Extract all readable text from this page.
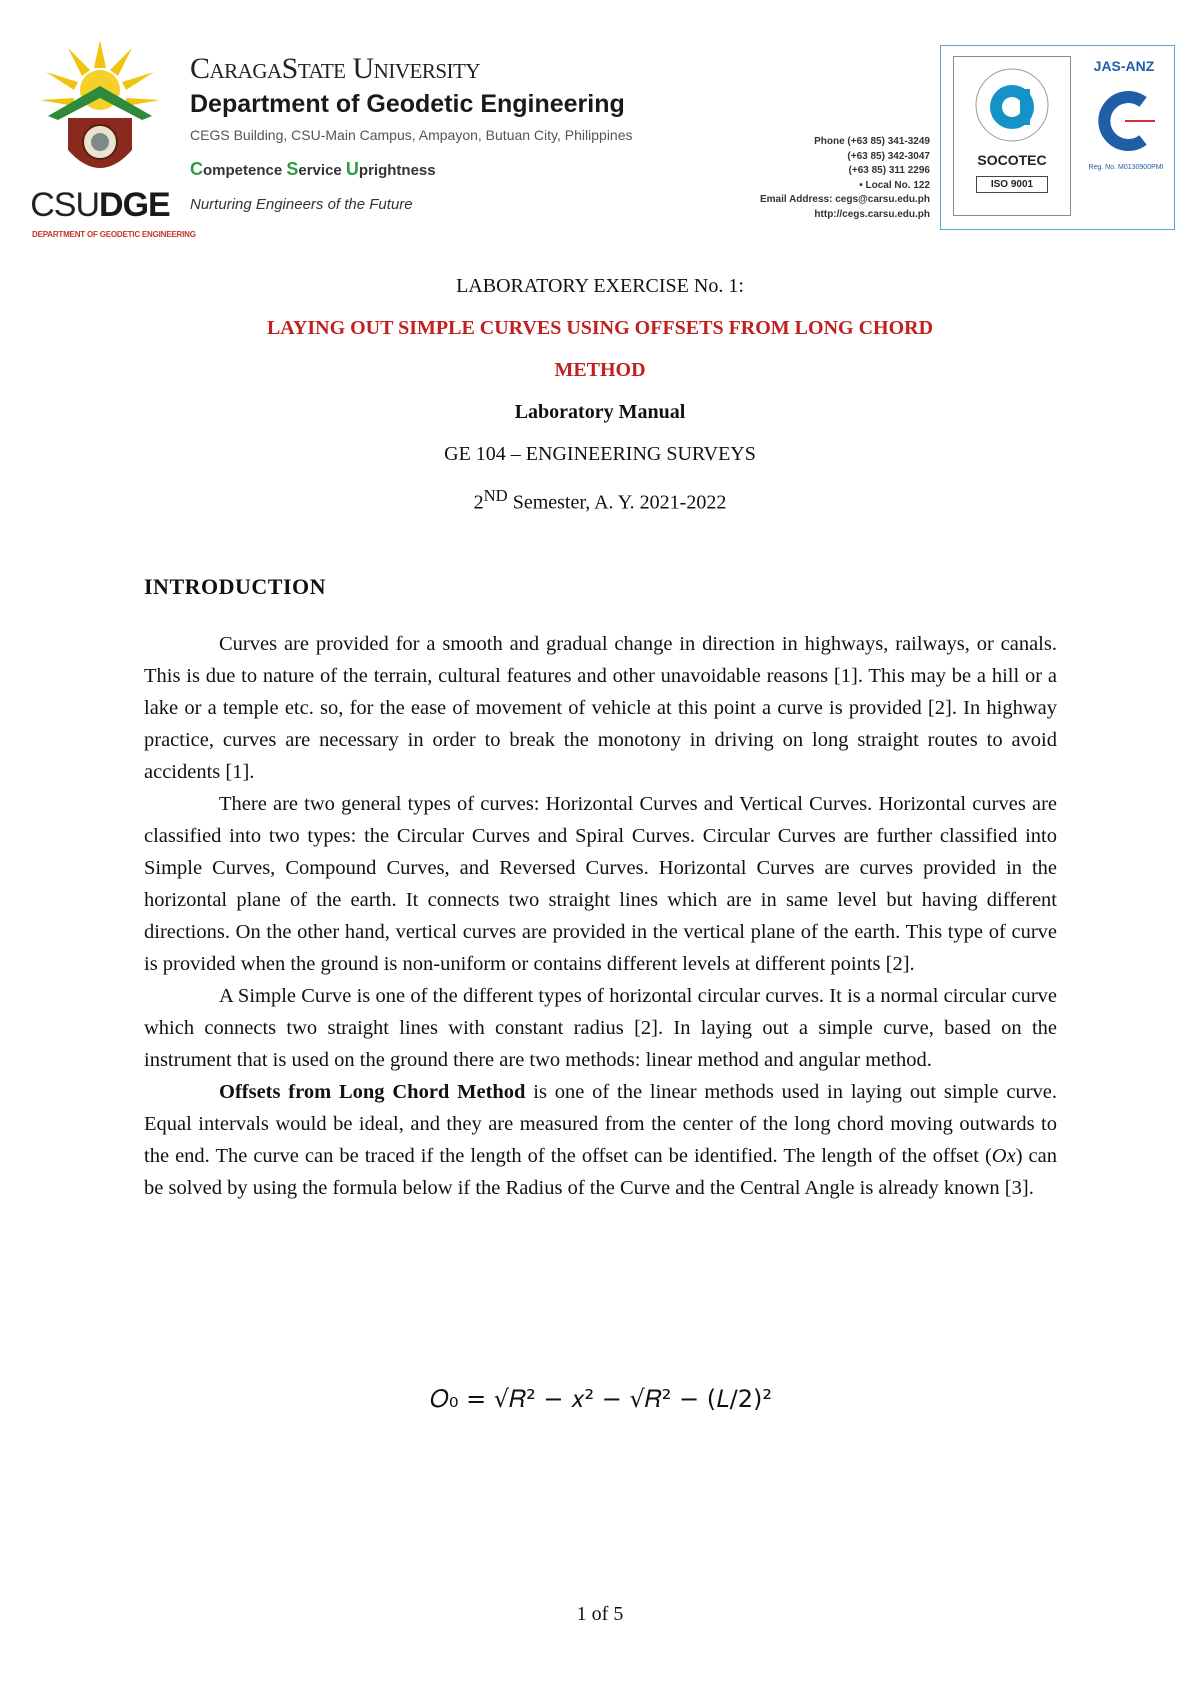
CSUDGE
DEPARTMENT OF GEODETIC ENGINEERING
CaragaState University
Department of Geodetic Engineering
CEGS Building, CSU-Main Campus, Ampayon, Butuan City, Philippines
Competence Service Uprightness
Nurturing Engineers of the Future
Phone (+63 85) 341-3249
(+63 85) 342-3047
(+63 85) 311 2296
• Local No. 122
Email Address: cegs@carsu.edu.ph
http://cegs.carsu.edu.ph
SOCOTEC
ISO 9001
JAS-ANZ
Reg. No. M0130900PMI
LABORATORY EXERCISE No. 1:
LAYING OUT SIMPLE CURVES USING OFFSETS FROM LONG CHORD
METHOD
Laboratory Manual
GE 104 – ENGINEERING SURVEYS
2ND Semester, A. Y. 2021-2022
INTRODUCTION

Curves are provided for a smooth and gradual change in direction in highways, railways, or canals. This is due to nature of the terrain, cultural features and other unavoidable reasons [1]. This may be a hill or a lake or a temple etc. so, for the ease of movement of vehicle at this point a curve is provided [2]. In highway practice, curves are necessary in order to break the monotony in driving on long straight routes to avoid accidents [1].

There are two general types of curves: Horizontal Curves and Vertical Curves. Horizontal curves are classified into two types: the Circular Curves and Spiral Curves. Circular Curves are further classified into Simple Curves, Compound Curves, and Reversed Curves. Horizontal Curves are curves provided in the horizontal plane of the earth. It connects two straight lines which are in same level but having different directions. On the other hand, vertical curves are provided in the vertical plane of the earth. This type of curve is provided when the ground is non-uniform or contains different levels at different points [2].

A Simple Curve is one of the different types of horizontal circular curves. It is a normal circular curve which connects two straight lines with constant radius [2]. In laying out a simple curve, based on the instrument that is used on the ground there are two methods: linear method and angular method.

Offsets from Long Chord Method is one of the linear methods used in laying out simple curve. Equal intervals would be ideal, and they are measured from the center of the long chord moving outwards to the end. The curve can be traced if the length of the offset can be identified. The length of the offset (Ox) can be solved by using the formula below if the Radius of the Curve and the Central Angle is already known [3].

𝑂₀ = √𝑅² − 𝑥² − √𝑅² − (𝐿/2)²
1 of 5
